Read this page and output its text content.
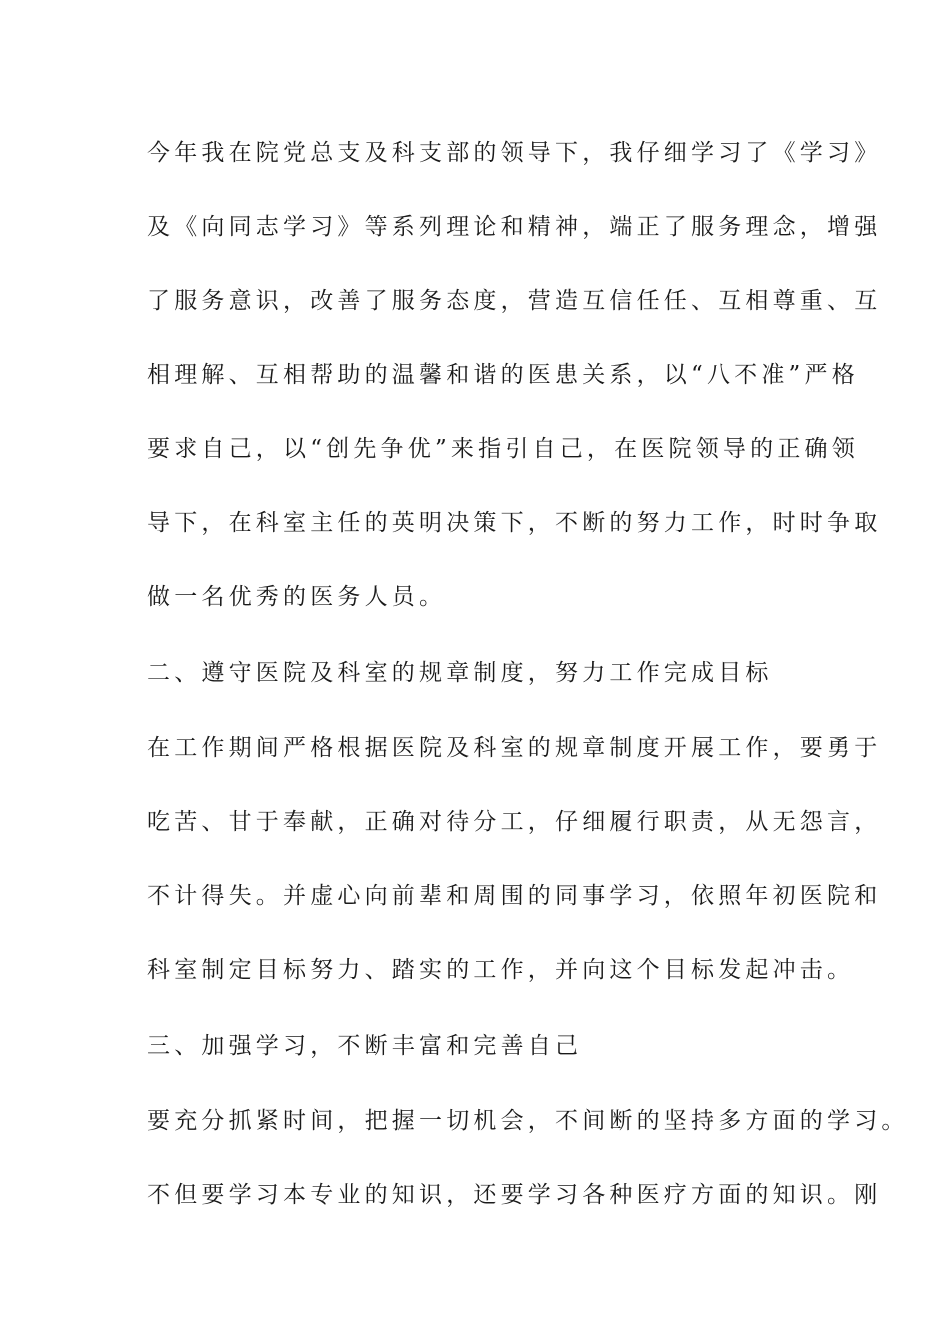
今年我在院党总支及科支部的领导下，我仔细学习了《学习》
及《向同志学习》等系列理论和精神，端正了服务理念，增强
了服务意识，改善了服务态度，营造互信任任、互相尊重、互
相理解、互相帮助的温馨和谐的医患关系，以“八不准”严格
要求自己，以“创先争优”来指引自己，在医院领导的正确领
导下，在科室主任的英明决策下，不断的努力工作，时时争取
做一名优秀的医务人员。
二、遵守医院及科室的规章制度，努力工作完成目标
在工作期间严格根据医院及科室的规章制度开展工作，要勇于
吃苦、甘于奉献，正确对待分工，仔细履行职责，从无怨言，
不计得失。并虚心向前辈和周围的同事学习，依照年初医院和
科室制定目标努力、踏实的工作，并向这个目标发起冲击。
三、加强学习，不断丰富和完善自己
要充分抓紧时间，把握一切机会，不间断的坚持多方面的学习。
不但要学习本专业的知识，还要学习各种医疗方面的知识。刚
